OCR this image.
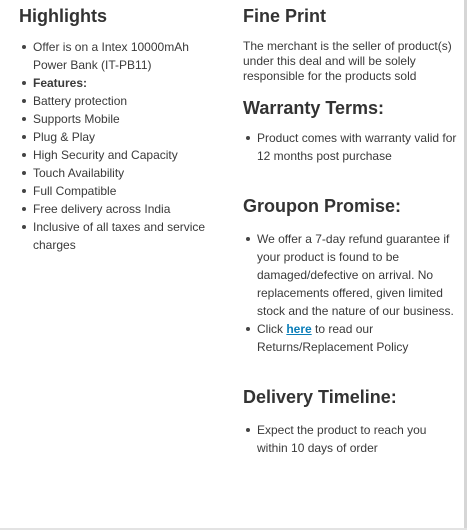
Highlights
Offer is on a Intex 10000mAh Power Bank (IT-PB11)
Features:
Battery protection
Supports Mobile
Plug & Play
High Security and Capacity
Touch Availability
Full Compatible
Free delivery across India
Inclusive of all taxes and service charges
Fine Print

The merchant is the seller of product(s) under this deal and will be solely responsible for the products sold

Warranty Terms:
Product comes with warranty valid for 12 months post purchase
Groupon Promise:
We offer a 7-day refund guarantee if your product is found to be damaged/defective on arrival. No replacements offered, given limited stock and the nature of our business.
Click here to read our Returns/Replacement Policy
Delivery Timeline:
Expect the product to reach you within 10 days of order
